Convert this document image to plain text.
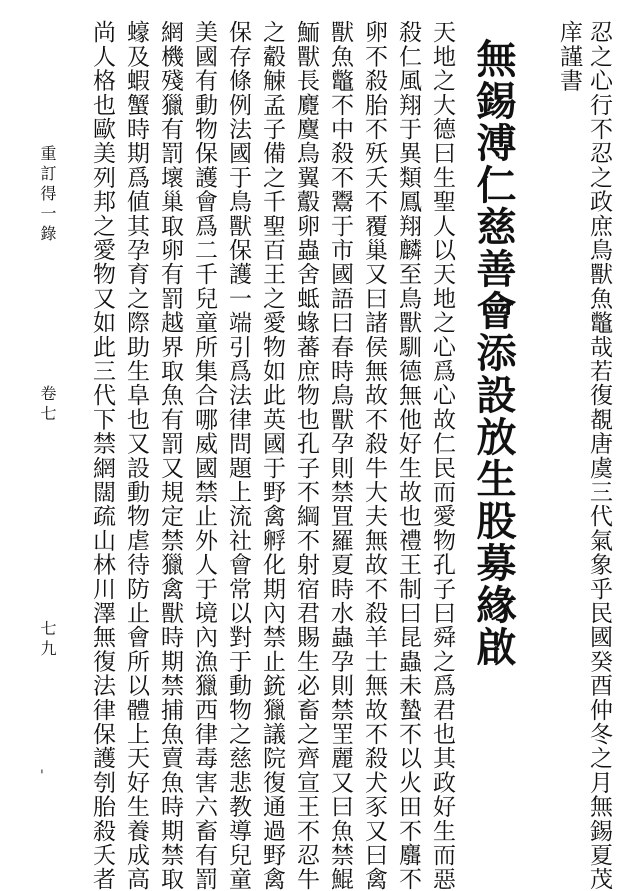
忍之心行不忍之政庶鳥獸魚鼈哉若復覩唐虞三代氣象乎民國癸酉仲冬之月無錫夏茂
庠謹書
無錫溥仁慈善會添設放生股募緣啟
天地之大德曰生聖人以天地之心爲心故仁民而愛物孔子曰舜之爲君也其政好生而惡
殺仁風翔于異類鳳翔麟至鳥獸馴德無他好生故也禮王制曰昆蟲未蟄不以火田不麛不
卵不殺胎不殀夭不覆巢又曰諸侯無故不殺牛大夫無故不殺羊士無故不殺犬豕又曰禽
獸魚鼈不中殺不鬻于市國語曰春時鳥獸孕則禁罝羅夏時水蟲孕則禁罜麗又曰魚禁鯤
鮞獸長麑麌鳥翼鷇卵蟲舍蚳蝝蕃庶物也孔子不綱不射宿君賜生必畜之齊宣王不忍牛
之觳觫孟子備之千聖百王之愛物如此英國于野禽孵化期內禁止銃獵議院復通過野禽
保存條例法國于鳥獸保護一端引爲法律問題上流社會常以對于動物之慈悲教導兒童
美國有動物保護會爲二千兒童所集合哪威國禁止外人于境內漁獵西律毒害六畜有罰
網機殘獵有罰壞巢取卵有罰越界取魚有罰又規定禁獵禽獸時期禁捕魚賣魚時期禁取
蠔及蝦蟹時期爲値其孕育之際助生阜也又設動物虐待防止會所以體上天好生養成高
尚人格也歐美列邦之愛物又如此三代下禁網闊疏山林川澤無復法律保護刳胎殺夭者
重訂得一錄
卷七
七九
'
